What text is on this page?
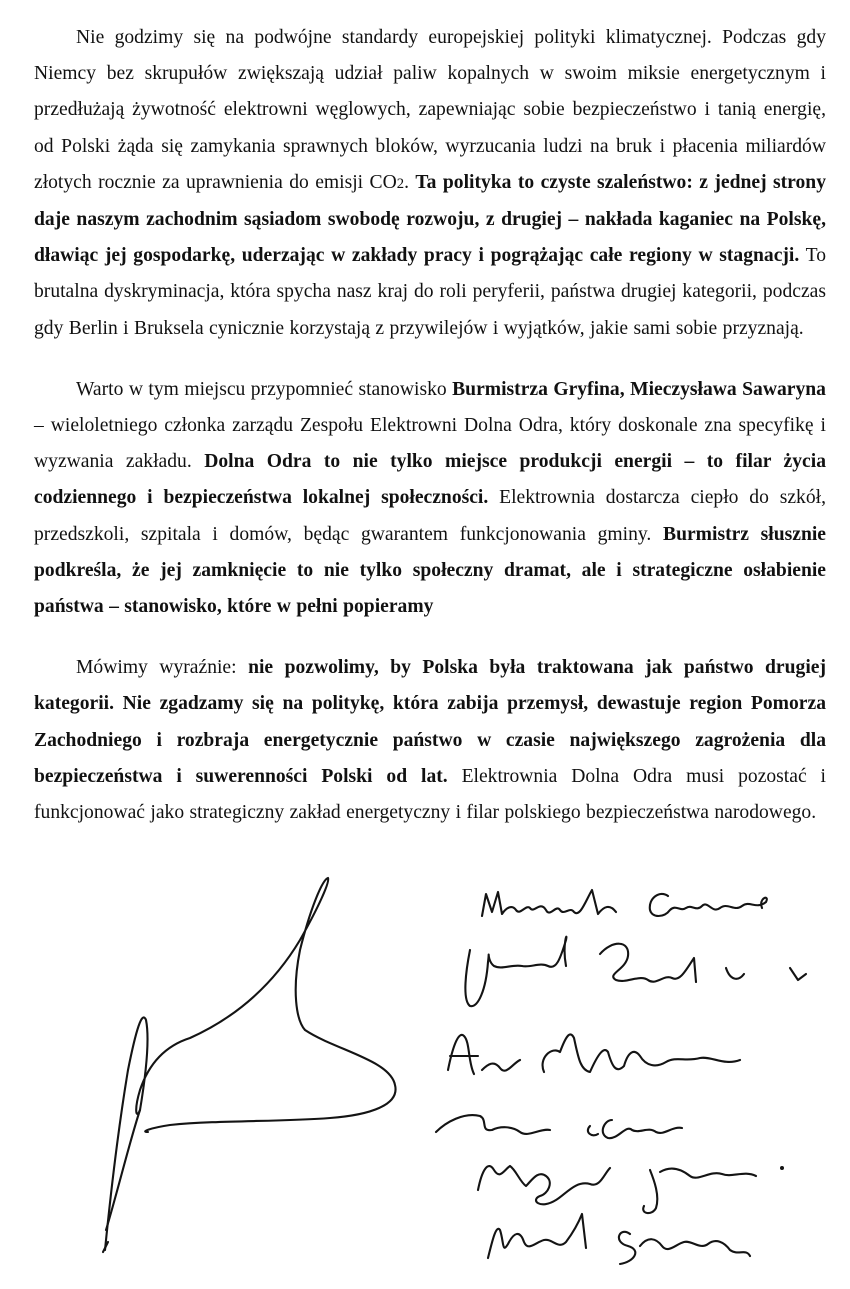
Nie godzimy się na podwójne standardy europejskiej polityki klimatycznej. Podczas gdy Niemcy bez skrupułów zwiększają udział paliw kopalnych w swoim miksie energetycznym i przedłużają żywotność elektrowni węglowych, zapewniając sobie bezpieczeństwo i tanią energię, od Polski żąda się zamykania sprawnych bloków, wyrzucania ludzi na bruk i płacenia miliardów złotych rocznie za uprawnienia do emisji CO2. Ta polityka to czyste szaleństwo: z jednej strony daje naszym zachodnim sąsiadom swobodę rozwoju, z drugiej – nakłada kaganiec na Polskę, dławiąc jej gospodarkę, uderzając w zakłady pracy i pogrążając całe regiony w stagnacji. To brutalna dyskryminacja, która spycha nasz kraj do roli peryferii, państwa drugiej kategorii, podczas gdy Berlin i Bruksela cynicznie korzystają z przywilejów i wyjątków, jakie sami sobie przyznają.

Warto w tym miejscu przypomnieć stanowisko Burmistrza Gryfina, Mieczysława Sawaryna – wieloletniego członka zarządu Zespołu Elektrowni Dolna Odra, który doskonale zna specyfikę i wyzwania zakładu. Dolna Odra to nie tylko miejsce produkcji energii – to filar życia codziennego i bezpieczeństwa lokalnej społeczności. Elektrownia dostarcza ciepło do szkół, przedszkoli, szpitala i domów, będąc gwarantem funkcjonowania gminy. Burmistrz słusznie podkreśla, że jej zamknięcie to nie tylko społeczny dramat, ale i strategiczne osłabienie państwa – stanowisko, które w pełni popieramy

Mówimy wyraźnie: nie pozwolimy, by Polska była traktowana jak państwo drugiej kategorii. Nie zgadzamy się na politykę, która zabija przemysł, dewastuje region Pomorza Zachodniego i rozbraja energetycznie państwo w czasie największego zagrożenia dla bezpieczeństwa i suwerenności Polski od lat. Elektrownia Dolna Odra musi pozostać i funkcjonować jako strategiczny zakład energetyczny i filar polskiego bezpieczeństwa narodowego.
